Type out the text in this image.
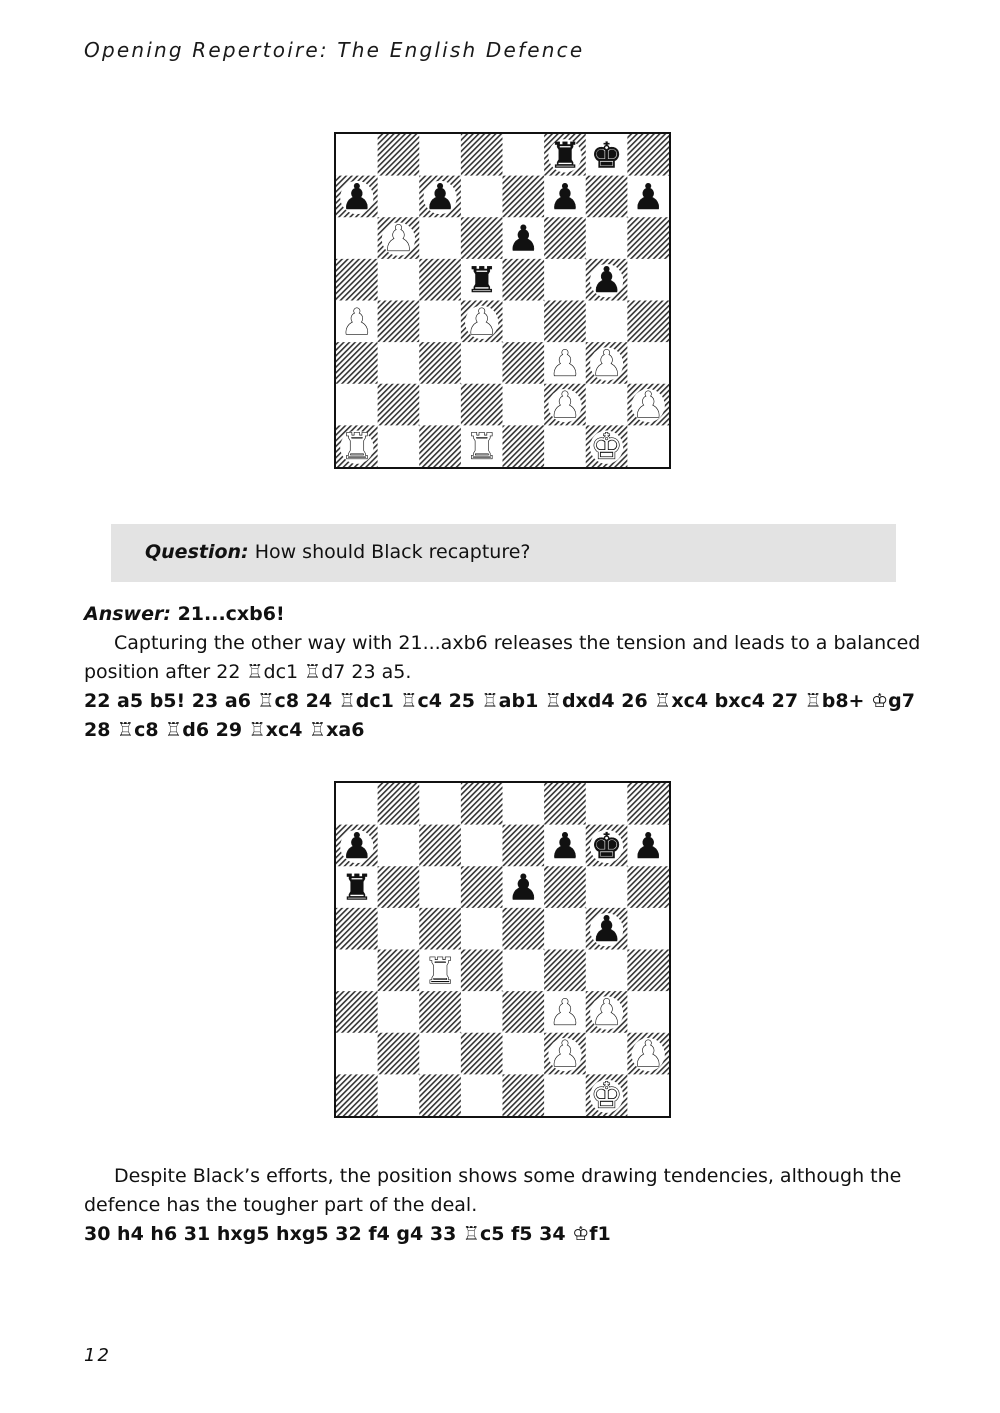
Opening Repertoire: The English Defence
♜ ♚
♟ ♟	♟ ♟
♟	♟
♜	♟
♟	♟
♟ ♟
♟ ♟
♜	♜	♚
Question: How should Black recapture?
Answer: 21...cxb6!
Capturing the other way with 21...axb6 releases the tension and leads to a balanced position after 22 ♖dc1 ♖d7 23 a5.
22 a5 b5! 23 a6 ♖c8 24 ♖dc1 ♖c4 25 ♖ab1 ♖dxd4 26 ♖xc4 bxc4 27 ♖b8+ ♔g7 28 ♖c8 ♖d6 29 ♖xc4 ♖xa6
♟	♟ ♚ ♟
♜	♟
♟
♜
♟ ♟
♟ ♟
♚
Despite Black’s efforts, the position shows some drawing tendencies, although the defence has the tougher part of the deal.
30 h4 h6 31 hxg5 hxg5 32 f4 g4 33 ♖c5 f5 34 ♔f1
12
